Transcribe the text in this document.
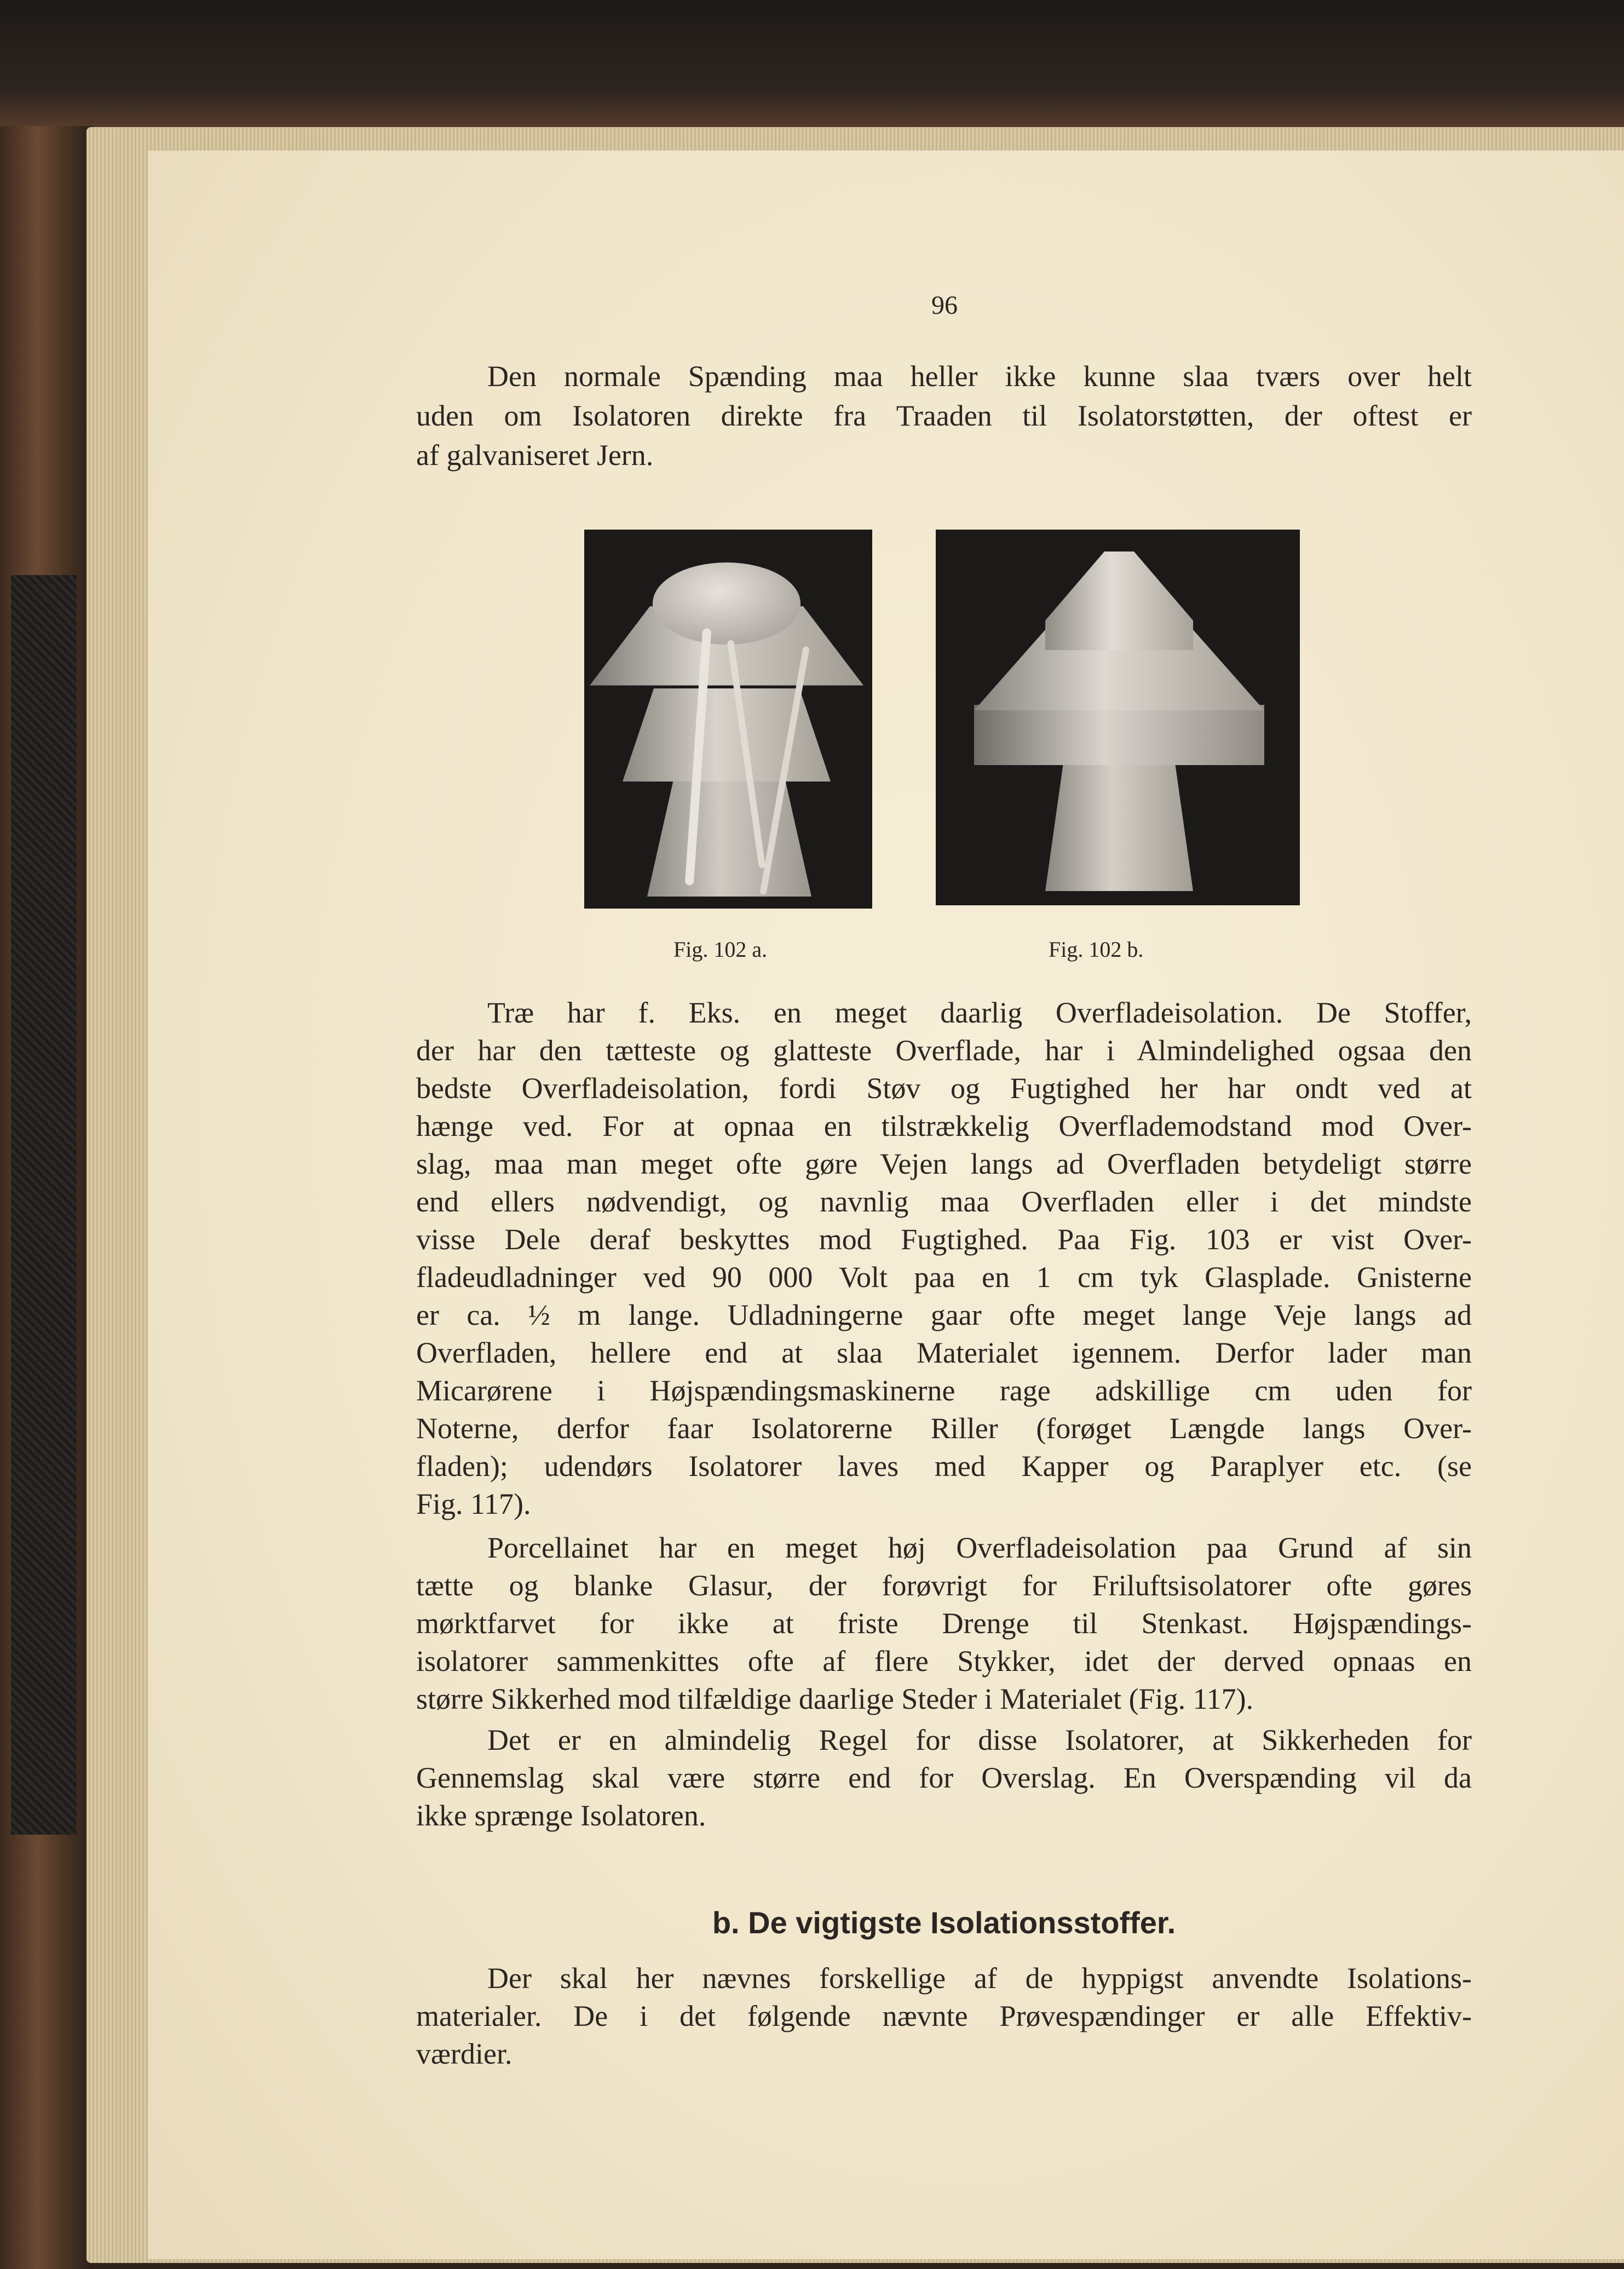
96
Den normale Spænding maa heller ikke kunne slaa tværs over helt
uden om Isolatoren direkte fra Traaden til Isolatorstøtten, der oftest er
af galvaniseret Jern.
Fig. 102 a.	Fig. 102 b.
Træ har f. Eks. en meget daarlig Overfladeisolation. De Stoffer,
der har den tætteste og glatteste Overflade, har i Almindelighed ogsaa den
bedste Overfladeisolation, fordi Støv og Fugtighed her har ondt ved at
hænge ved. For at opnaa en tilstrækkelig Overflademodstand mod Over-
slag, maa man meget ofte gøre Vejen langs ad Overfladen betydeligt større
end ellers nødvendigt, og navnlig maa Overfladen eller i det mindste
visse Dele deraf beskyttes mod Fugtighed. Paa Fig. 103 er vist Over-
fladeudladninger ved 90 000 Volt paa en 1 cm tyk Glasplade. Gnisterne
er ca. ½ m lange. Udladningerne gaar ofte meget lange Veje langs ad
Overfladen, hellere end at slaa Materialet igennem. Derfor lader man
Micarørene i Højspændingsmaskinerne rage adskillige cm uden for
Noterne, derfor faar Isolatorerne Riller (forøget Længde langs Over-
fladen); udendørs Isolatorer laves med Kapper og Paraplyer etc. (se
Fig. 117).
Porcellainet har en meget høj Overfladeisolation paa Grund af sin
tætte og blanke Glasur, der forøvrigt for Friluftsisolatorer ofte gøres
mørktfarvet for ikke at friste Drenge til Stenkast. Højspændings-
isolatorer sammenkittes ofte af flere Stykker, idet der derved opnaas en
større Sikkerhed mod tilfældige daarlige Steder i Materialet (Fig. 117).
Det er en almindelig Regel for disse Isolatorer, at Sikkerheden for
Gennemslag skal være større end for Overslag. En Overspænding vil da
ikke sprænge Isolatoren.
b. De vigtigste Isolationsstoffer.
Der skal her nævnes forskellige af de hyppigst anvendte Isolations-
materialer. De i det følgende nævnte Prøvespændinger er alle Effektiv-
værdier.
